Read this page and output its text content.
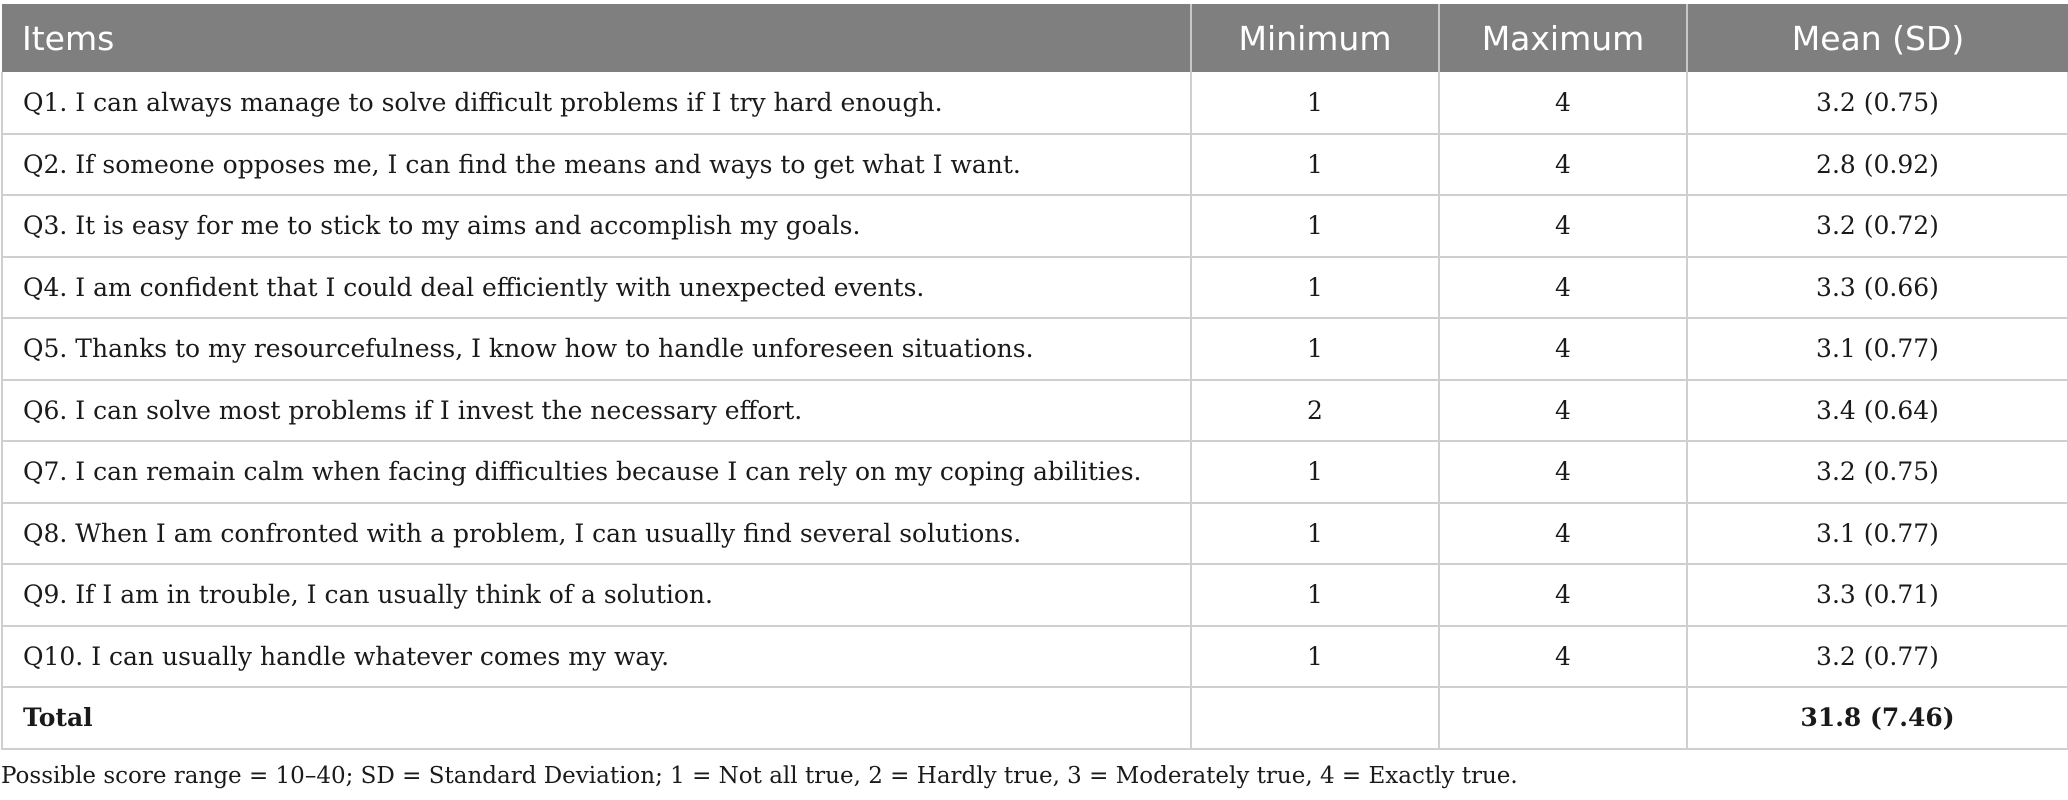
Items	Minimum	Maximum	Mean (SD)
Q1. I can always manage to solve difficult problems if I try hard enough.	1	4	3.2 (0.75)
Q2. If someone opposes me, I can find the means and ways to get what I want.	1	4	2.8 (0.92)
Q3. It is easy for me to stick to my aims and accomplish my goals.	1	4	3.2 (0.72)
Q4. I am confident that I could deal efficiently with unexpected events.	1	4	3.3 (0.66)
Q5. Thanks to my resourcefulness, I know how to handle unforeseen situations.	1	4	3.1 (0.77)
Q6. I can solve most problems if I invest the necessary effort.	2	4	3.4 (0.64)
Q7. I can remain calm when facing difficulties because I can rely on my coping abilities.	1	4	3.2 (0.75)
Q8. When I am confronted with a problem, I can usually find several solutions.	1	4	3.1 (0.77)
Q9. If I am in trouble, I can usually think of a solution.	1	4	3.3 (0.71)
Q10. I can usually handle whatever comes my way.	1	4	3.2 (0.77)
Total			31.8 (7.46)
Possible score range = 10–40; SD = Standard Deviation; 1 = Not all true, 2 = Hardly true, 3 = Moderately true, 4 = Exactly true.
